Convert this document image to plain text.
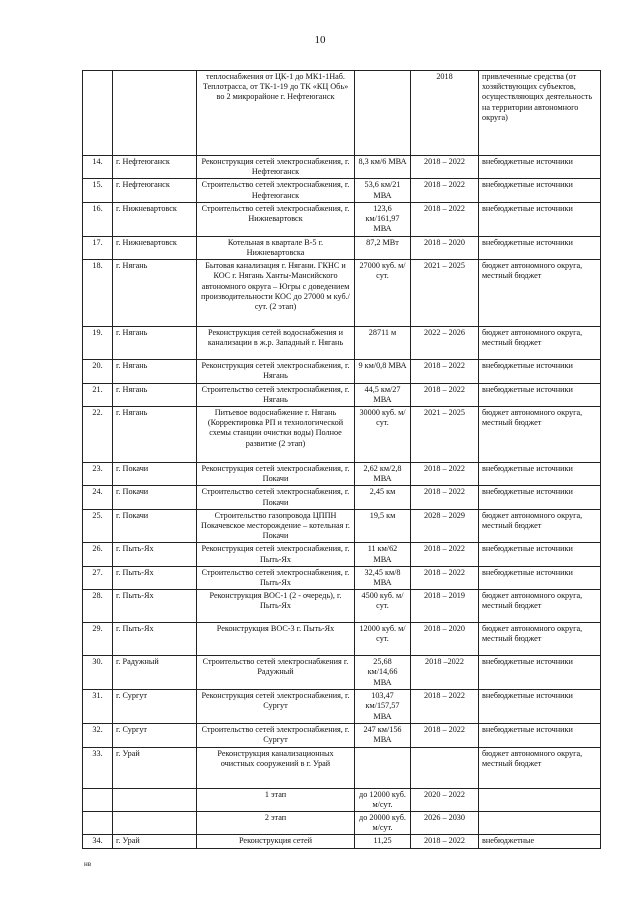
10
		теплоснабжения от ЦК-1 до МК1-1Наб. Теплотрасса, от ТК-1-19 до ТК «КЦ Обь» во 2 микрорайоне г. Нефтеюганск		2018	привлеченные средства (от хозяйствующих субъектов, осуществляющих деятельность на территории автономного округа)
14.	г. Нефтеюганск	Реконструкция сетей электроснабжения, г. Нефтеюганск	8,3 км/6 МВА	2018 – 2022	внебюджетные источники
15.	г. Нефтеюганск	Строительство сетей электроснабжения, г. Нефтеюганск	53,6 км/21 МВА	2018 – 2022	внебюджетные источники
16.	г. Нижневартовск	Строительство сетей электроснабжения, г. Нижневартовск	123,6 км/161,97 МВА	2018 – 2022	внебюджетные источники
17.	г. Нижневартовск	Котельная в квартале В-5 г. Нижневартовска	87,2 МВт	2018 – 2020	внебюджетные источники
18.	г. Нягань	Бытовая канализация г. Нягани. ГКНС и КОС г. Нягань Ханты-Мансийского автономного округа – Югры с доведением производительности КОС до 27000 м куб./сут. (2 этап)	27000 куб. м/сут.	2021 – 2025	бюджет автономного округа, местный бюджет
19.	г. Нягань	Реконструкция сетей водоснабжения и канализации в ж.р. Западный г. Нягань	28711 м	2022 – 2026	бюджет автономного округа, местный бюджет
20.	г. Нягань	Реконструкция сетей электроснабжения, г. Нягань	9 км/0,8 МВА	2018 – 2022	внебюджетные источники
21.	г. Нягань	Строительство сетей электроснабжения, г. Нягань	44,5 км/27 МВА	2018 – 2022	внебюджетные источники
22.	г. Нягань	Питьевое водоснабжение г. Нягань (Корректировка РП и технологической схемы станции очистки воды) Полное развитие (2 этап)	30000 куб. м/сут.	2021 – 2025	бюджет автономного округа, местный бюджет
23.	г. Покачи	Реконструкция сетей электроснабжения, г. Покачи	2,62 км/2,8 МВА	2018 – 2022	внебюджетные источники
24.	г. Покачи	Строительство сетей электроснабжения, г. Покачи	2,45 км	2018 – 2022	внебюджетные источники
25.	г. Покачи	Строительство газопровода ЦППН Покачевское месторождение – котельная г. Покачи	19,5 км	2028 – 2029	бюджет автономного округа, местный бюджет
26.	г. Пыть-Ях	Реконструкция сетей электроснабжения, г. Пыть-Ях	11 км/62 МВА	2018 – 2022	внебюджетные источники
27.	г. Пыть-Ях	Строительство сетей электроснабжения, г. Пыть-Ях	32,45 км/8 МВА	2018 – 2022	внебюджетные источники
28.	г. Пыть-Ях	Реконструкция ВОС-1 (2 - очередь), г. Пыть-Ях	4500 куб. м/сут.	2018 – 2019	бюджет автономного округа, местный бюджет
29.	г. Пыть-Ях	Реконструкция ВОС-3 г. Пыть-Ях	12000 куб. м/сут.	2018 – 2020	бюджет автономного округа, местный бюджет
30.	г. Радужный	Строительство сетей электроснабжения г. Радужный	25,68 км/14,66 МВА	2018 –2022	внебюджетные источники
31.	г. Сургут	Реконструкция сетей электроснабжения, г. Сургут	103,47 км/157,57 МВА	2018 – 2022	внебюджетные источники
32.	г. Сургут	Строительство сетей электроснабжения, г. Сургут	247 км/156 МВА	2018 – 2022	внебюджетные источники
33.	г. Урай	Реконструкция канализационных очистных сооружений в г. Урай			бюджет автономного округа, местный бюджет
		1 этап	до 12000 куб. м/сут.	2020 – 2022	
		2 этап	до 20000 куб. м/сут.	2026 – 2030	
34.	г. Урай	Реконструкция сетей	11,25	2018 – 2022	внебюджетные
нв
